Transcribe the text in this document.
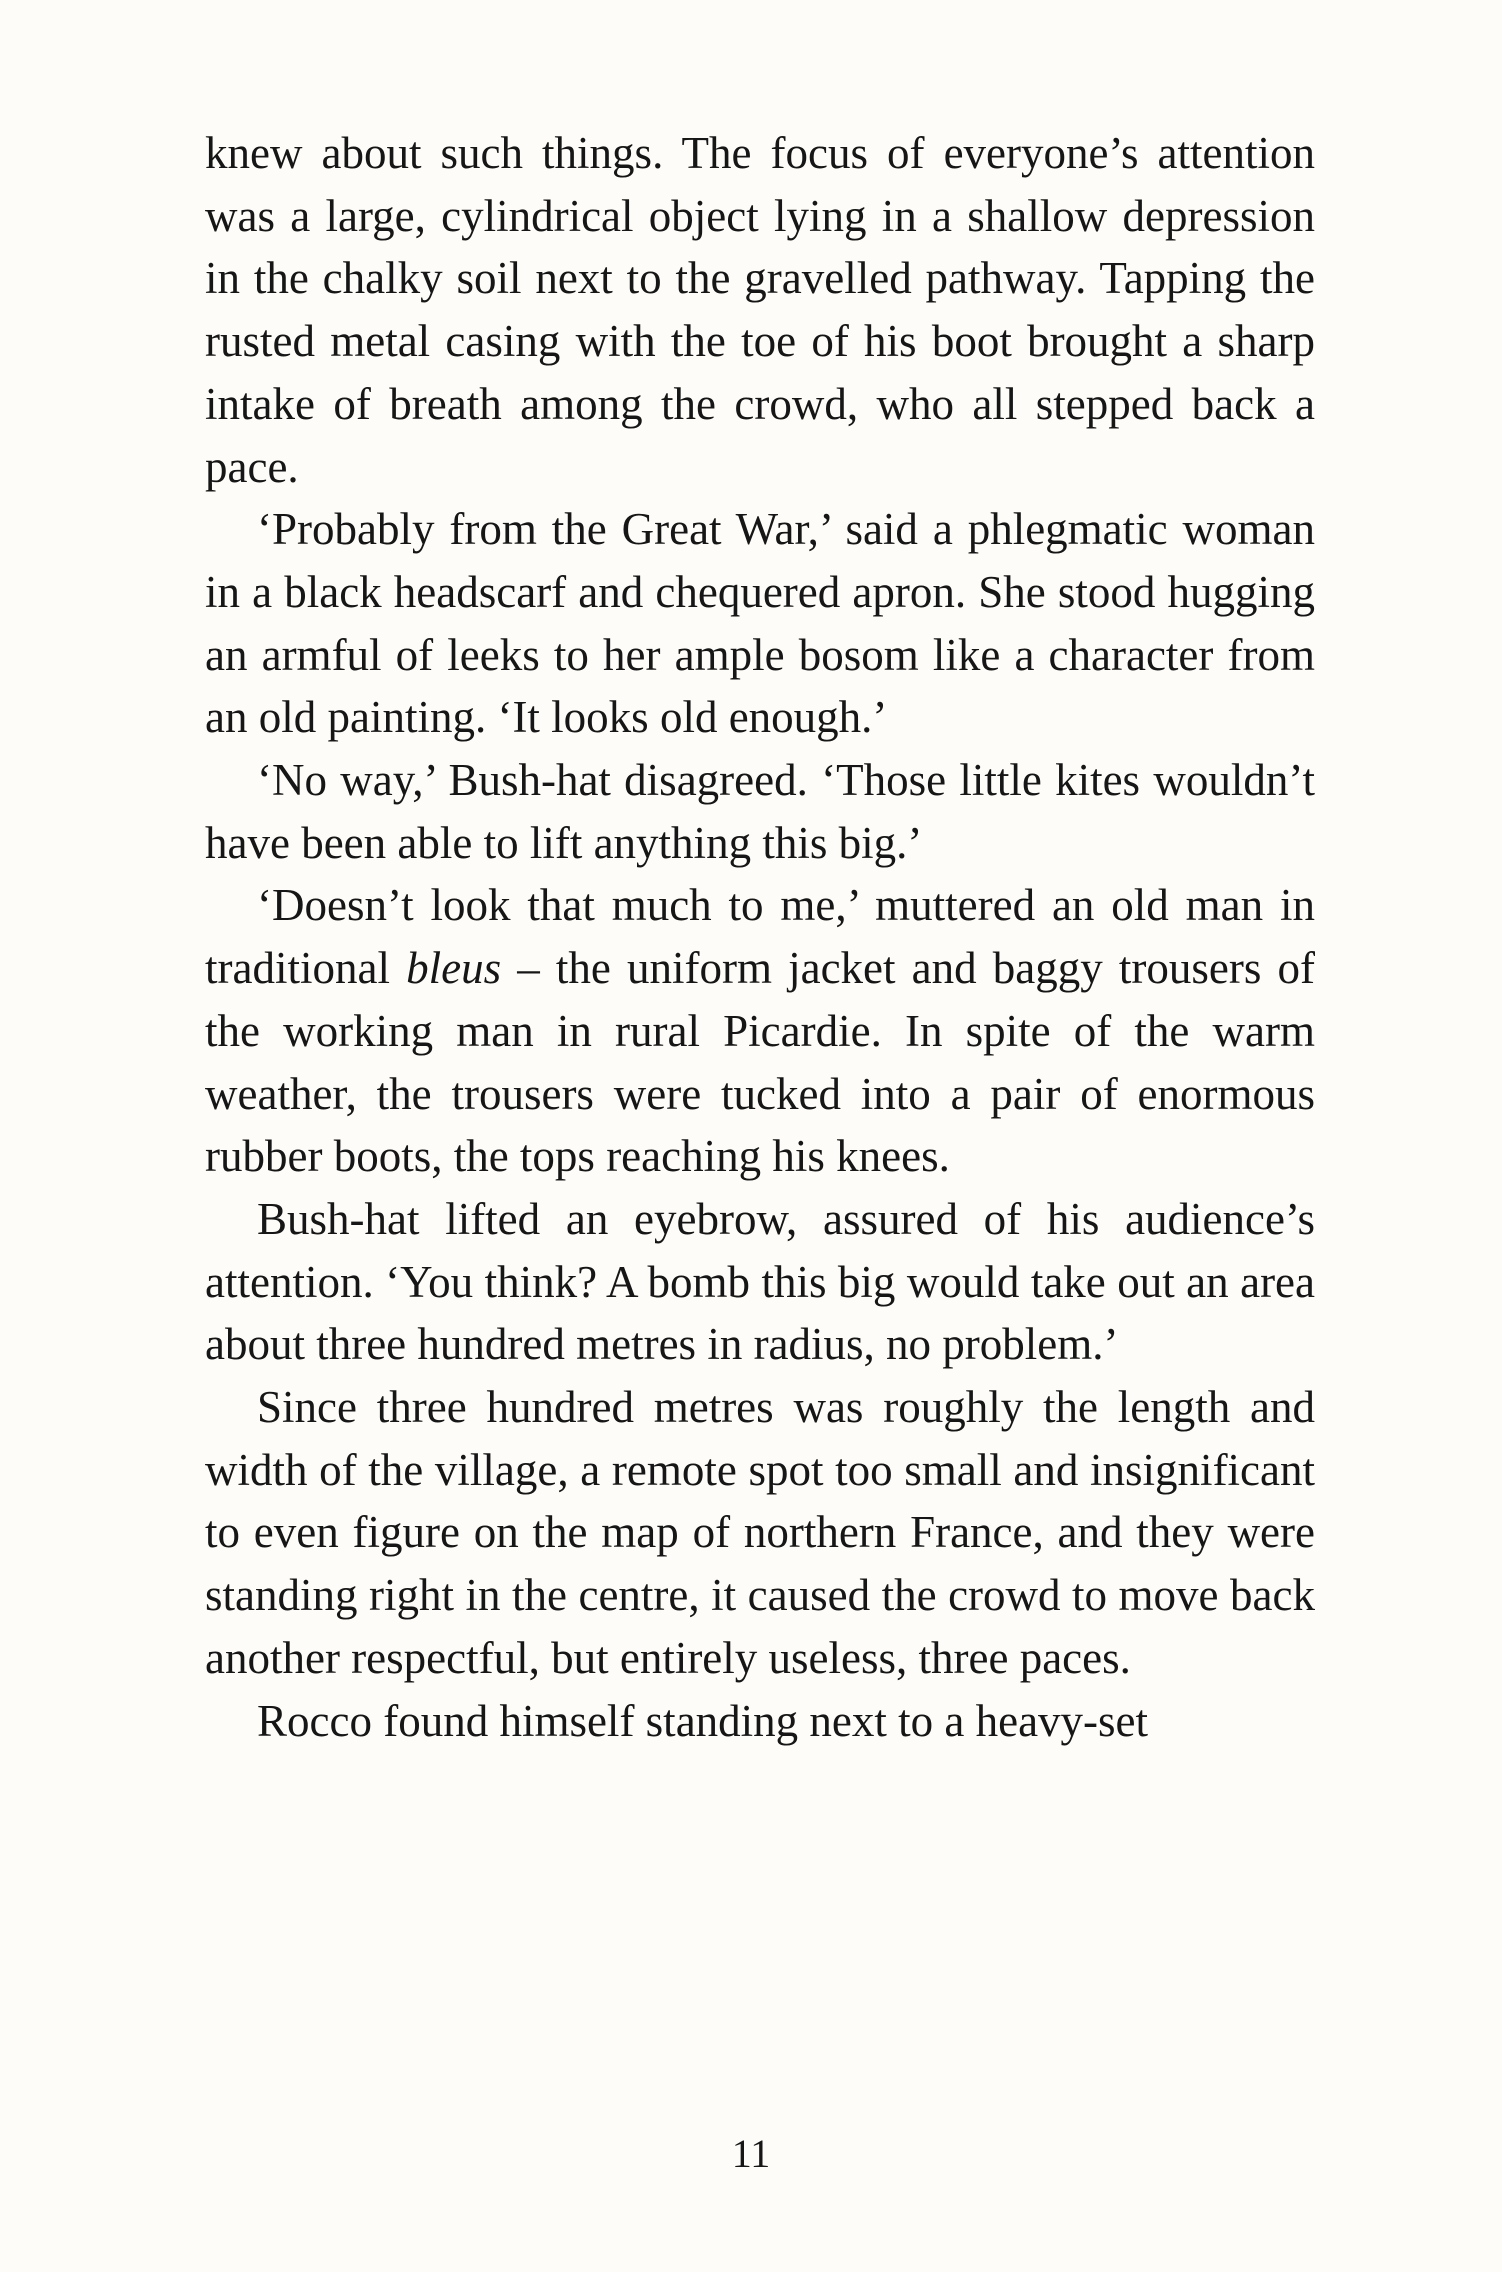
knew about such things. The focus of everyone’s attention was a large, cylindrical object lying in a shallow depression in the chalky soil next to the gravelled pathway. Tapping the rusted metal casing with the toe of his boot brought a sharp intake of breath among the crowd, who all stepped back a pace.

‘Probably from the Great War,’ said a phlegmatic woman in a black headscarf and chequered apron. She stood hugging an armful of leeks to her ample bosom like a character from an old painting. ‘It looks old enough.’

‘No way,’ Bush-hat disagreed. ‘Those little kites wouldn’t have been able to lift anything this big.’

‘Doesn’t look that much to me,’ muttered an old man in traditional bleus – the uniform jacket and baggy trousers of the working man in rural Picardie. In spite of the warm weather, the trousers were tucked into a pair of enormous rubber boots, the tops reaching his knees.

Bush-hat lifted an eyebrow, assured of his audience’s attention. ‘You think? A bomb this big would take out an area about three hundred metres in radius, no problem.’

Since three hundred metres was roughly the length and width of the village, a remote spot too small and insignificant to even figure on the map of northern France, and they were standing right in the centre, it caused the crowd to move back another respectful, but entirely useless, three paces.

Rocco found himself standing next to a heavy-set

11
